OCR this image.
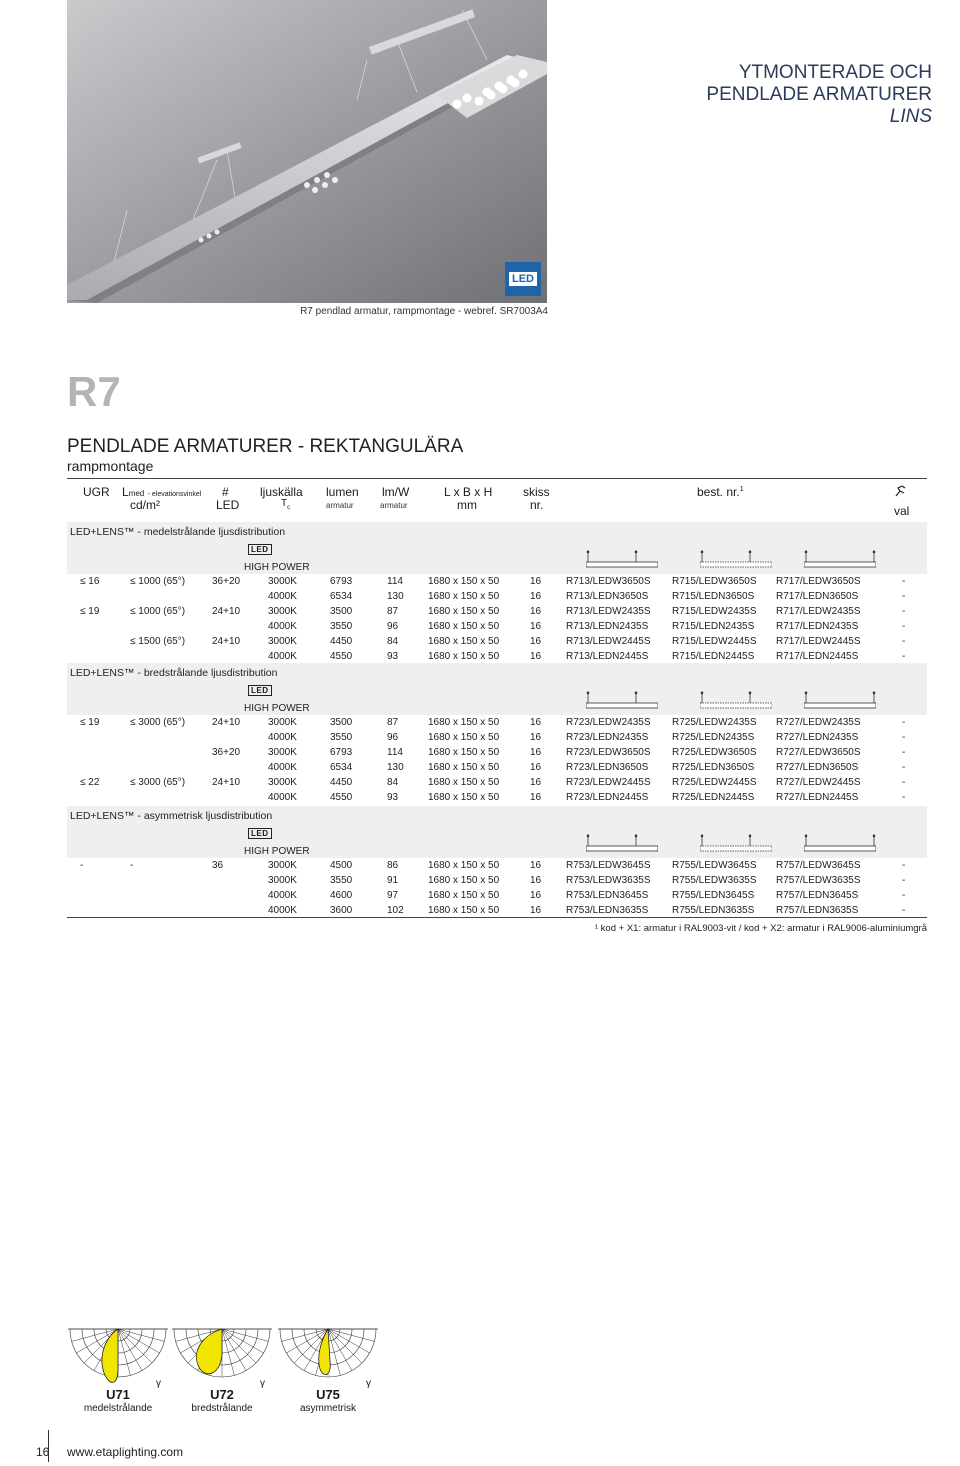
LED
R7 pendlad armatur, rampmontage - webref. SR7003A4
YTMONTERADE OCH
PENDLADE ARMATURER
LINS
R7
PENDLADE ARMATURER - REKTANGULÄRA
rampmontage
UGR Lmed - elevationsvinkel
cd/m²
#
LED
ljuskälla
$T_c$
lumen
armatur
lm/W
armatur
L x B x H
mm
skiss
nr.
best. nr.$^1$
val
LED+LENS™ - medelstrålande ljusdistribution
LED
HIGH POWER
≤ 16	≤ 1000 (65°)	36+20	3000K	6793	114	1680 x 150 x 50	16 R713/LEDW3650S R715/LEDW3650S R717/LEDW3650S	-
4000K	6534	130 1680 x 150 x 50	16 R713/LEDN3650S R715/LEDN3650S R717/LEDN3650S	-
≤ 19	≤ 1000 (65°)	24+10	3000K	3500	87	1680 x 150 x 50	16 R713/LEDW2435S R715/LEDW2435S R717/LEDW2435S	-
4000K	3550	96	1680 x 150 x 50	16 R713/LEDN2435S R715/LEDN2435S R717/LEDN2435S	-
≤ 1500 (65°)	24+10	3000K	4450	84	1680 x 150 x 50	16 R713/LEDW2445S R715/LEDW2445S R717/LEDW2445S	-
4000K	4550	93	1680 x 150 x 50	16 R713/LEDN2445S R715/LEDN2445S R717/LEDN2445S	-
LED+LENS™ - bredstrålande ljusdistribution
LED
HIGH POWER
≤ 19	≤ 3000 (65°)	24+10	3000K	3500	87	1680 x 150 x 50	16 R723/LEDW2435S R725/LEDW2435S R727/LEDW2435S	-
4000K	3550	96	1680 x 150 x 50	16 R723/LEDN2435S R725/LEDN2435S R727/LEDN2435S	-
36+20	3000K	6793	114	1680 x 150 x 50	16 R723/LEDW3650S R725/LEDW3650S R727/LEDW3650S	-
4000K	6534	130 1680 x 150 x 50	16 R723/LEDN3650S R725/LEDN3650S R727/LEDN3650S	-
≤ 22	≤ 3000 (65°)	24+10	3000K	4450	84	1680 x 150 x 50	16 R723/LEDW2445S R725/LEDW2445S R727/LEDW2445S	-
4000K	4550	93	1680 x 150 x 50	16 R723/LEDN2445S R725/LEDN2445S R727/LEDN2445S	-
LED+LENS™ - asymmetrisk ljusdistribution
LED
HIGH POWER
-	-	36	3000K	4500	86	1680 x 150 x 50	16 R753/LEDW3645S R755/LEDW3645S R757/LEDW3645S	-
3000K	3550	91	1680 x 150 x 50	16 R753/LEDW3635S R755/LEDW3635S R757/LEDW3635S	-
4000K	4600	97	1680 x 150 x 50	16 R753/LEDN3645S R755/LEDN3645S R757/LEDN3645S	-
4000K	3600	102 1680 x 150 x 50	16 R753/LEDN3635S R755/LEDN3635S R757/LEDN3635S	-
¹ kod + X1: armatur i RAL9003-vit / kod + X2: armatur i RAL9006-aluminiumgrå
γ
U71
medelstrålande
γ
U72
bredstrålande
γ
U75
asymmetrisk
16 www.etaplighting.com
